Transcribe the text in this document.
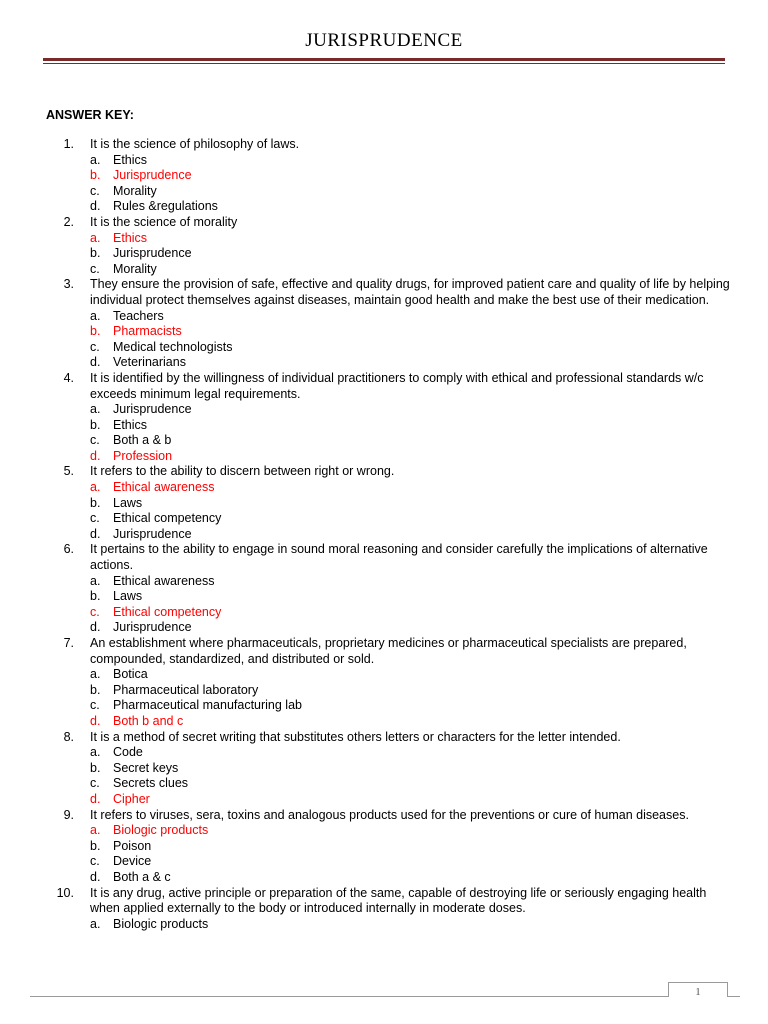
JURISPRUDENCE
ANSWER KEY:
1. It is the science of philosophy of laws.
a. Ethics
b. Jurisprudence
c. Morality
d. Rules &regulations
2. It is the science of morality
a. Ethics
b. Jurisprudence
c. Morality
3. They ensure the provision of safe, effective and quality drugs, for improved patient care and quality of life by helping individual protect themselves against diseases, maintain good health and make the best use of their medication.
a. Teachers
b. Pharmacists
c. Medical technologists
d. Veterinarians
4. It is identified by the willingness of individual practitioners to comply with ethical and professional standards w/c exceeds minimum legal requirements.
a. Jurisprudence
b. Ethics
c. Both a & b
d. Profession
5. It refers to the ability to discern between right or wrong.
a. Ethical awareness
b. Laws
c. Ethical competency
d. Jurisprudence
6. It pertains to the ability to engage in sound moral reasoning and consider carefully the implications of alternative actions.
a. Ethical awareness
b. Laws
c. Ethical competency
d. Jurisprudence
7. An establishment where pharmaceuticals, proprietary medicines or pharmaceutical specialists are prepared, compounded, standardized, and distributed or sold.
a. Botica
b. Pharmaceutical laboratory
c. Pharmaceutical manufacturing lab
d. Both b and c
8. It is a method of secret writing that substitutes others letters or characters for the letter intended.
a. Code
b. Secret keys
c. Secrets clues
d. Cipher
9. It refers to viruses, sera, toxins and analogous products used for the preventions or cure of human diseases.
a. Biologic products
b. Poison
c. Device
d. Both a & c
10. It is any drug, active principle or preparation of the same, capable of destroying life or seriously engaging health when applied externally to the body or introduced internally in moderate doses.
a. Biologic products
1
